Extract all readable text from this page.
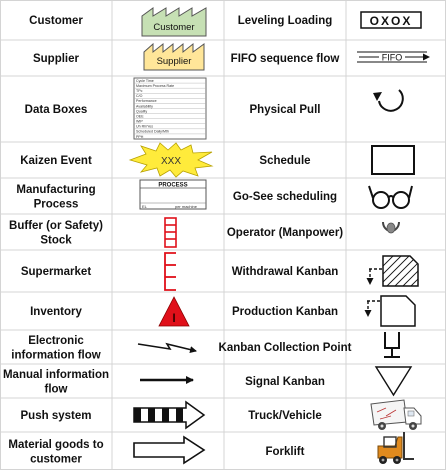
Customer
Supplier
Data Boxes
Kaizen Event
Manufacturing
Process
Buffer (or Safety)
Stock
Supermarket
Inventory
Electronic
information flow
Manual information
flow
Push system
Material goods to
customer
Leveling Loading
FIFO sequence flow
Physical Pull
Schedule
Go-See scheduling
Operator (Manpower)
Withdrawal Kanban
Production Kanban
Kanban Collection Point
Signal Kanban
Truck/Vehicle
Forklift
Customer
Supplier
Cycle Time
Maximum Process Rate
TPc
C/O
Performance
Availability
Quality
OEE
WIP
Uh Rh/Yes
Scheduled Daily/Mth
PPH
XXX
PROCESS
EL	per machine
I
OXOX
FIFO
